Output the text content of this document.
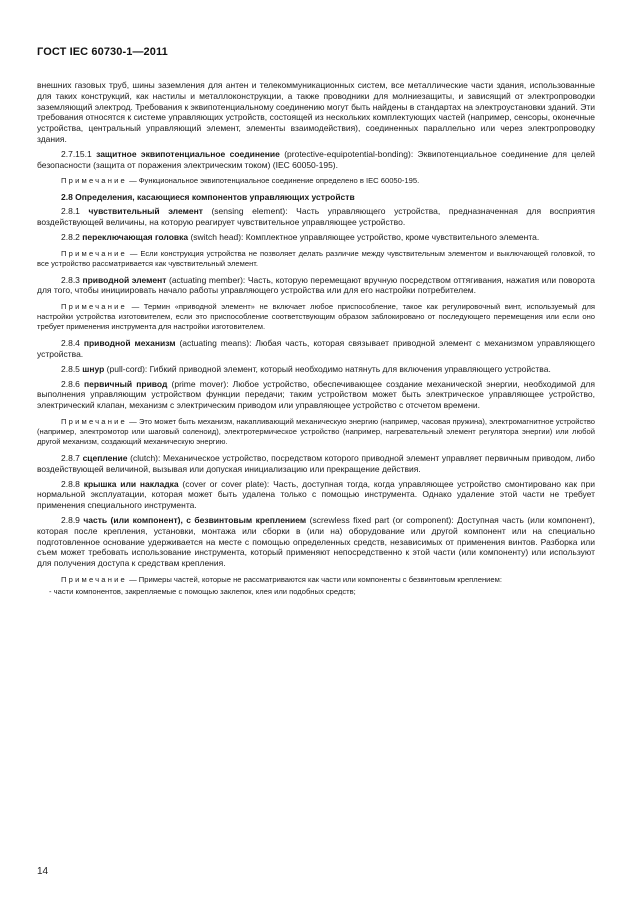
ГОСТ IEC 60730-1—2011

внешних газовых труб, шины заземления для антен и телекоммуникационных систем, все металлические части здания, использованные для таких конструкций, как настилы и металлоконструкции, а также проводники для молниезащиты, и зависящий от электропроводки заземляющий электрод. Требования к эквипотенциальному соединению могут быть найдены в стандартах на электроустановки зданий. Эти требования относятся к системе управляющих устройств, состоящей из нескольких комплектующих частей (например, сенсоры, оконечные устройства, центральный управляющий элемент, элементы взаимодействия), соединенных параллельно или через электропроводку здания.

2.7.15.1 защитное эквипотенциальное соединение (protective-equipotential-bonding): Эквипотенциальное соединение для целей безопасности (защита от поражения электрическим током) (IEC 60050-195).

Примечание — Функциональное эквипотенциальное соединение определено в IEC 60050-195.

2.8 Определения, касающиеся компонентов управляющих устройств

2.8.1 чувствительный элемент (sensing element): Часть управляющего устройства, предназначенная для восприятия воздействующей величины, на которую реагирует чувствительное управляющее устройство.

2.8.2 переключающая головка (switch head): Комплектное управляющее устройство, кроме чувствительного элемента.

Примечание — Если конструкция устройства не позволяет делать различие между чувствительным элементом и выключающей головкой, то все устройство рассматривается как чувствительный элемент.

2.8.3 приводной элемент (actuating member): Часть, которую перемещают вручную посредством оттягивания, нажатия или поворота для того, чтобы инициировать начало работы управляющего устройства или для его настройки потребителем.

Примечание — Термин «приводной элемент» не включает любое приспособление, такое как регулировочный винт, используемый для настройки устройства изготовителем, если это приспособление соответствующим образом заблокировано от последующего перемещения или если оно требует применения инструмента для настройки изготовителем.

2.8.4 приводной механизм (actuating means): Любая часть, которая связывает приводной элемент с механизмом управляющего устройства.

2.8.5 шнур (pull-cord): Гибкий приводной элемент, который необходимо натянуть для включения управляющего устройства.

2.8.6 первичный привод (prime mover): Любое устройство, обеспечивающее создание механической энергии, необходимой для выполнения управляющим устройством функции передачи; таким устройством может быть электрическое управляющее устройство, электрический клапан, механизм с электрическим приводом или управляющее устройство с отсчетом времени.

Примечание — Это может быть механизм, накапливающий механическую энергию (например, часовая пружина), электромагнитное устройство (например, электромотор или шаговый соленоид), электротермическое устройство (например, нагревательный элемент регулятора энергии) или любой другой механизм, создающий механическую энергию.

2.8.7 сцепление (clutch): Механическое устройство, посредством которого приводной элемент управляет первичным приводом, либо воздействующей величиной, вызывая или допуская инициализацию или прекращение действия.

2.8.8 крышка или накладка (cover or cover plate): Часть, доступная тогда, когда управляющее устройство смонтировано как при нормальной эксплуатации, которая может быть удалена только с помощью инструмента. Однако удаление этой части не требует применения специального инструмента.

2.8.9 часть (или компонент), с безвинтовым креплением (screwless fixed part (or component): Доступная часть (или компонент), которая после крепления, установки, монтажа или сборки в (или на) оборудование или другой компонент или на специально подготовленное основание удерживается на месте с помощью определенных средств, независимых от применения винтов. Разборка или съем может требовать использование инструмента, который применяют непосредственно к этой части (или компоненту) или используют для получения доступа к средствам крепления.

Примечание — Примеры частей, которые не рассматриваются как части или компоненты с безвинтовым креплением:

- части компонентов, закрепляемые с помощью заклепок, клея или подобных средств;

14
